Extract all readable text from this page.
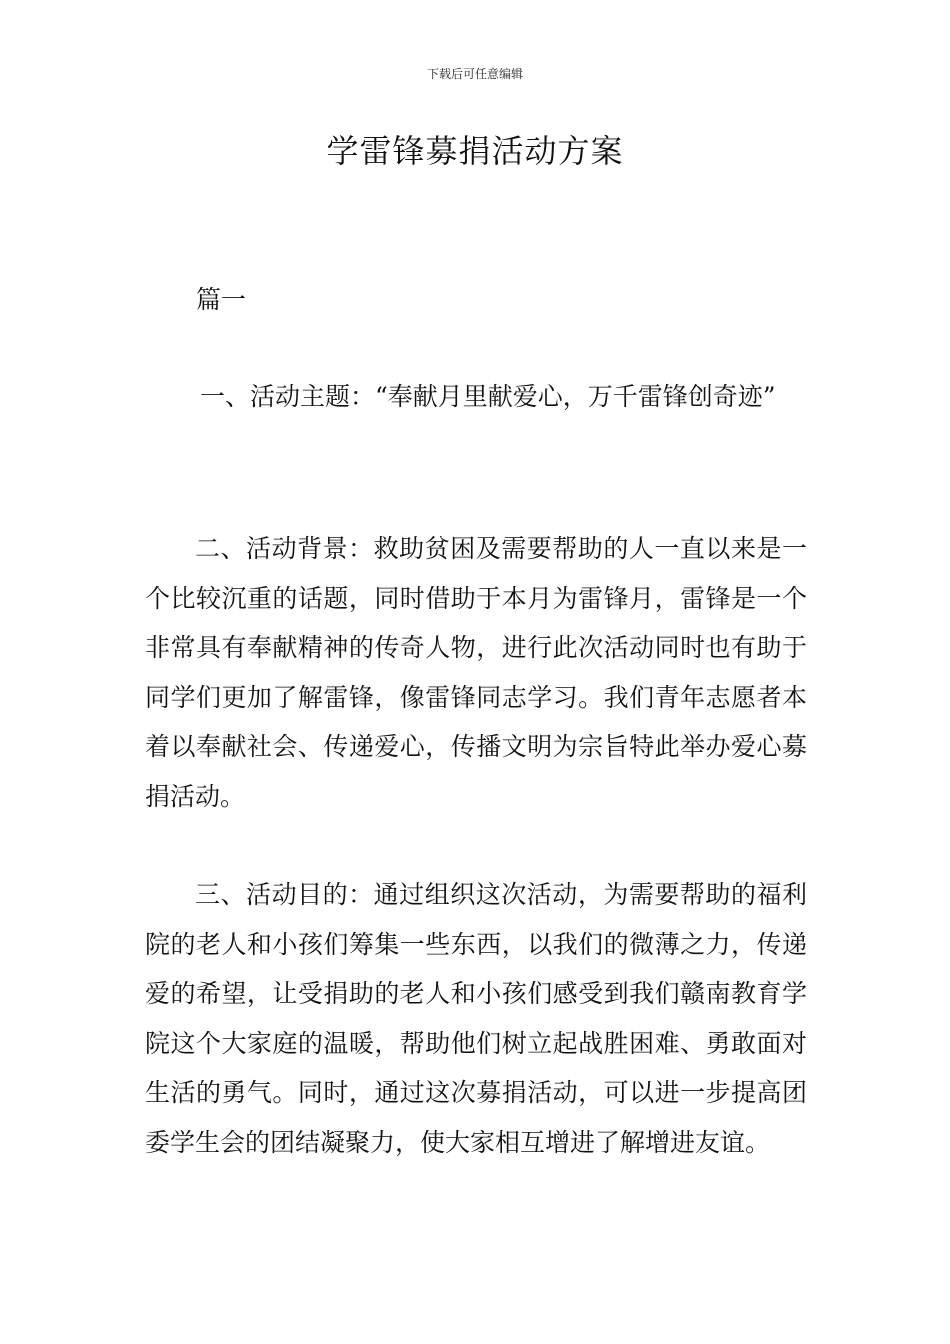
下载后可任意编辑
学雷锋募捐活动方案
篇一

一、活动主题：“奉献月里献爱心，万千雷锋创奇迹”

二、活动背景：救助贫困及需要帮助的人一直以来是一个比较沉重的话题，同时借助于本月为雷锋月，雷锋是一个非常具有奉献精神的传奇人物，进行此次活动同时也有助于同学们更加了解雷锋，像雷锋同志学习。我们青年志愿者本着以奉献社会、传递爱心，传播文明为宗旨特此举办爱心募捐活动。

三、活动目的：通过组织这次活动，为需要帮助的福利院的老人和小孩们筹集一些东西，以我们的微薄之力，传递爱的希望，让受捐助的老人和小孩们感受到我们赣南教育学院这个大家庭的温暖，帮助他们树立起战胜困难、勇敢面对生活的勇气。同时，通过这次募捐活动，可以进一步提高团委学生会的团结凝聚力，使大家相互增进了解增进友谊。
